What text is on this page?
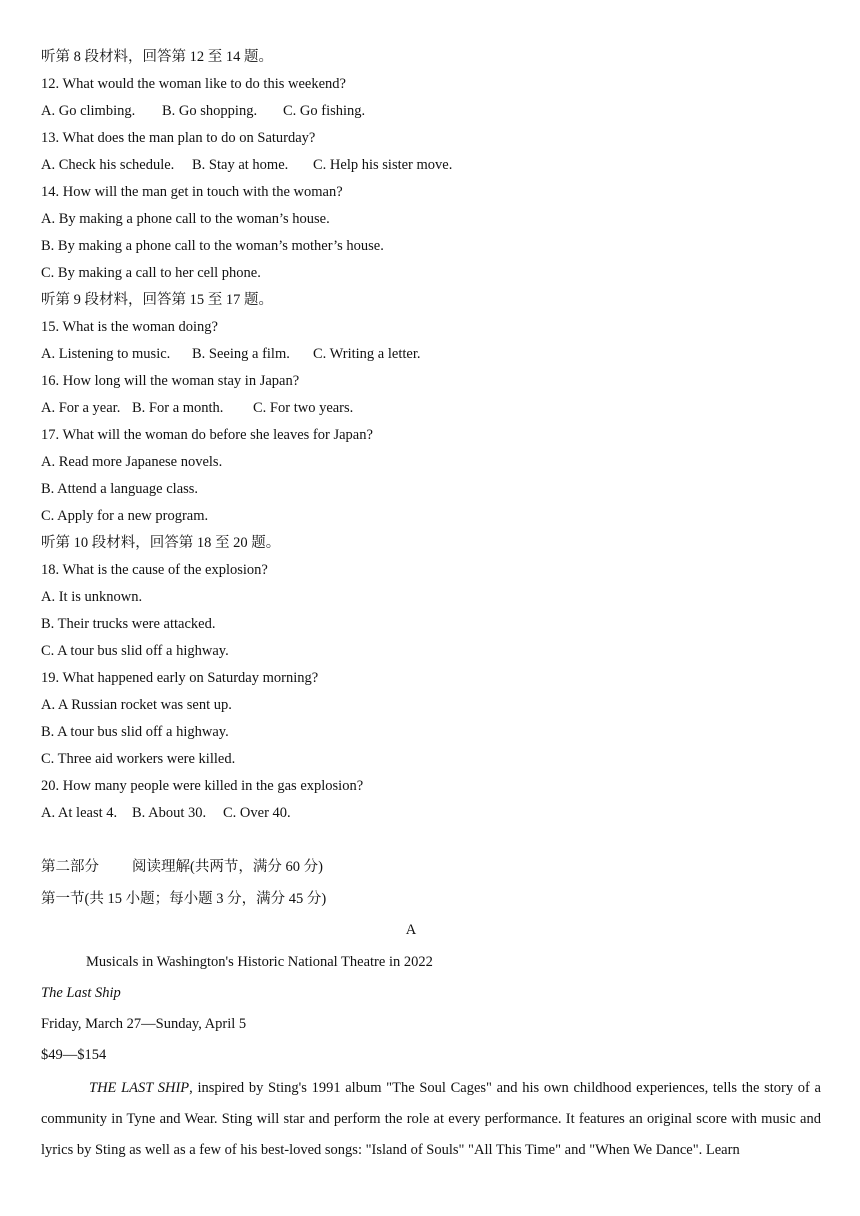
听第 8 段材料，回答第 12 至 14 题。
12. What would the woman like to do this weekend?
A. Go climbing. B. Go shopping. C. Go fishing.
13. What does the man plan to do on Saturday?
A. Check his schedule. B. Stay at home. C. Help his sister move.
14. How will the man get in touch with the woman?
A. By making a phone call to the woman’s house.
B. By making a phone call to the woman’s mother’s house.
C. By making a call to her cell phone.
听第 9 段材料，回答第 15 至 17 题。
15. What is the woman doing?
A. Listening to music. B. Seeing a film. C. Writing a letter.
16. How long will the woman stay in Japan?
A. For a year. B. For a month. C. For two years.
17. What will the woman do before she leaves for Japan?
A. Read more Japanese novels.
B. Attend a language class.
C. Apply for a new program.
听第 10 段材料，回答第 18 至 20 题。
18. What is the cause of the explosion?
A. It is unknown.
B. Their trucks were attacked.
C. A tour bus slid off a highway.
19. What happened early on Saturday morning?
A. A Russian rocket was sent up.
B. A tour bus slid off a highway.
C. Three aid workers were killed.
20. How many people were killed in the gas explosion?
A. At least 4. B. About 30. C. Over 40.
第二部分 阅读理解(共两节，满分 60 分)
第一节(共 15 小题；每小题 3 分，满分 45 分)
A
Musicals in Washington's Historic National Theatre in 2022
The Last Ship
Friday, March 27—Sunday, April 5
$49—$154
THE LAST SHIP, inspired by Sting's 1991 album "The Soul Cages" and his own childhood experiences, tells the story of a community in Tyne and Wear. Sting will star and perform the role at every performance. It features an original score with music and lyrics by Sting as well as a few of his best-loved songs: "Island of Souls" "All This Time" and "When We Dance". Learn
